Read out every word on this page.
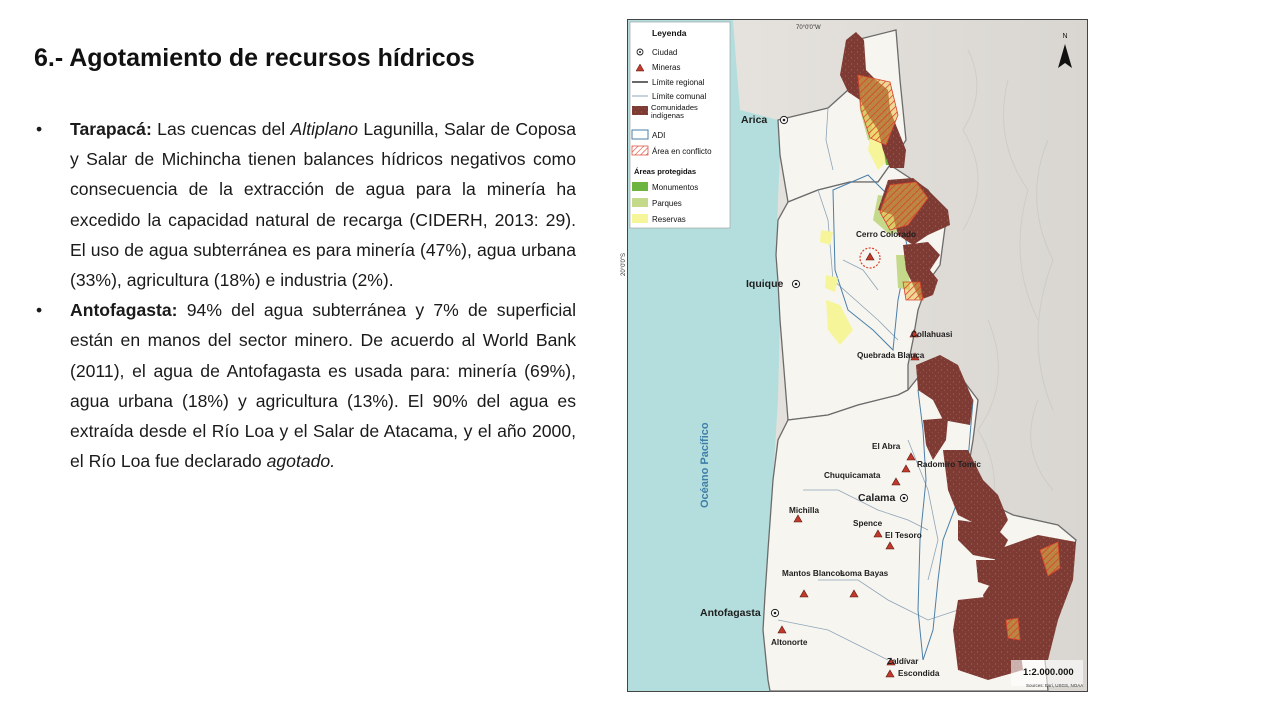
6.- Agotamiento de recursos hídricos
• Tarapacá: Las cuencas del Altiplano Lagunilla, Salar de Coposa y Salar de Michincha tienen balances hídricos negativos como consecuencia de la extracción de agua para la minería ha excedido la capacidad natural de recarga (CIDERH, 2013: 29). El uso de agua subterránea es para minería (47%), agua urbana (33%), agricultura (18%) e industria (2%).
• Antofagasta: 94% del agua subterránea y 7% de superficial están en manos del sector minero. De acuerdo al World Bank (2011), el agua de Antofagasta es usada para: minería (69%), agua urbana (18%) y agricultura (13%). El 90% del agua es extraída desde el Río Loa y el Salar de Atacama, y el año 2000, el Río Loa fue declarado agotado.
Arica
Iquique
Calama
Antofagasta
Cerro Colorado
Collahuasi
Quebrada Blanca
El Abra
Radomiro Tomic
Chuquicamata
Michilla
Spence
El Tesoro
Mantos Blancos
Loma Bayas
Altonorte
Zaldívar
Escondida
Océano Pacífico
70°0'0"W
20°0'0"S
N
1:2.000.000
Sources: Esri, USGS, NOAA
Leyenda
Ciudad
Mineras
Límite regional
Límite comunal
Comunidades indígenas
ADI
Área en conflicto
Áreas protegidas
Monumentos
Parques
Reservas
